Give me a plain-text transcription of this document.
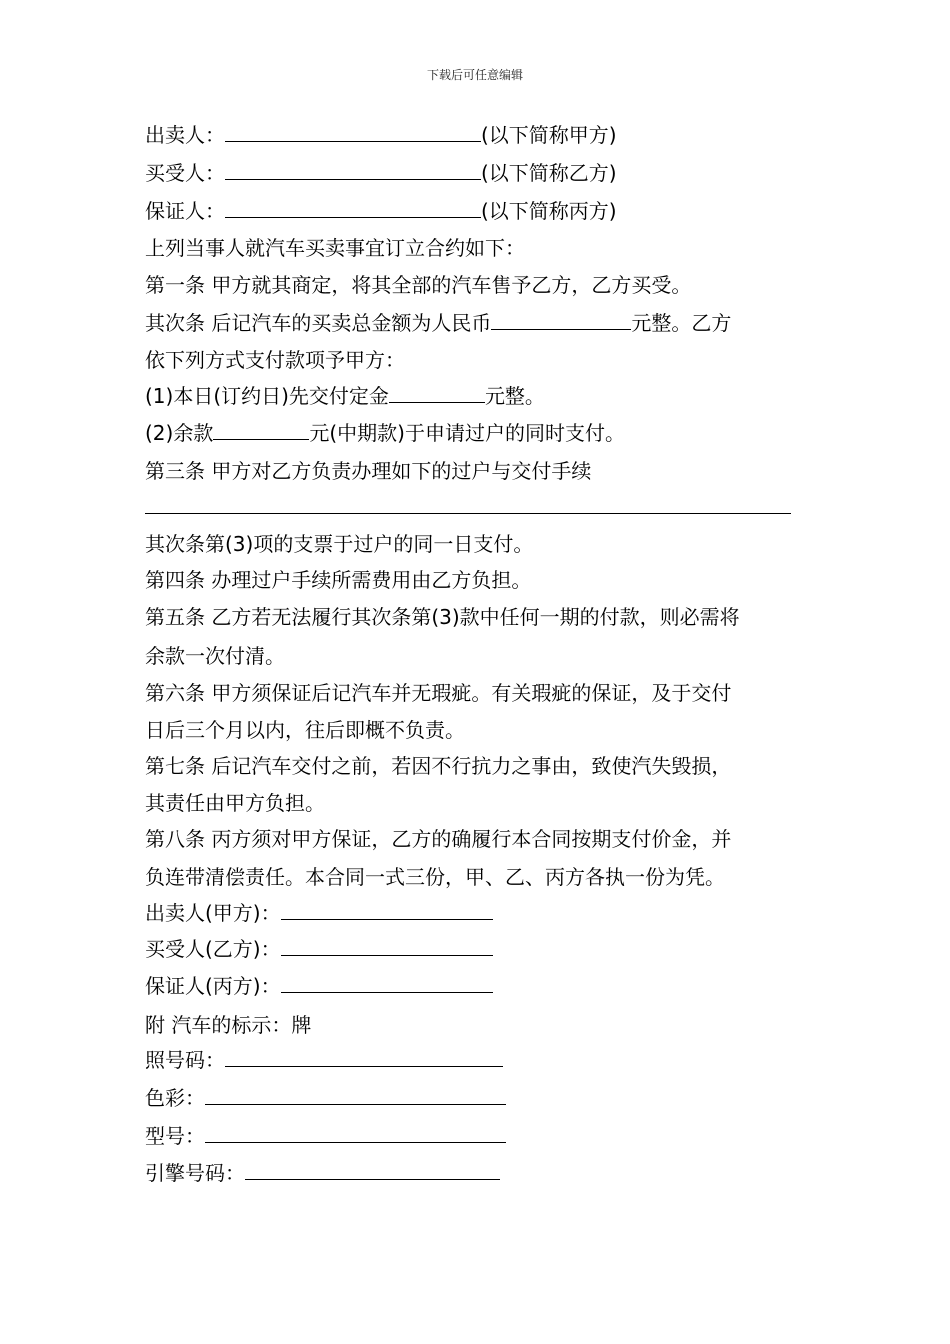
下载后可任意编辑
出卖人：	(以下简称甲方)
买受人：	(以下简称乙方)
保证人：	(以下简称丙方)
上列当事人就汽车买卖事宜订立合约如下：
第一条 甲方就其商定，将其全部的汽车售予乙方，乙方买受。
其次条 后记汽车的买卖总金额为人民币	元整。乙方
依下列方式支付款项予甲方：
(1)本日(订约日)先交付定金	元整。
(2)余款	元(中期款)于申请过户的同时支付。
第三条 甲方对乙方负责办理如下的过户与交付手续
其次条第(3)项的支票于过户的同一日支付。
第四条 办理过户手续所需费用由乙方负担。
第五条 乙方若无法履行其次条第(3)款中任何一期的付款，则必需将
余款一次付清。
第六条 甲方须保证后记汽车并无瑕疵。有关瑕疵的保证，及于交付
日后三个月以内，往后即概不负责。
第七条 后记汽车交付之前，若因不行抗力之事由，致使汽失毁损，
其责任由甲方负担。
第八条 丙方须对甲方保证，乙方的确履行本合同按期支付价金，并
负连带清偿责任。本合同一式三份，甲、乙、丙方各执一份为凭。
出卖人(甲方)：
买受人(乙方)：
保证人(丙方)：
附 汽车的标示：牌
照号码：
色彩：
型号：
引擎号码：
